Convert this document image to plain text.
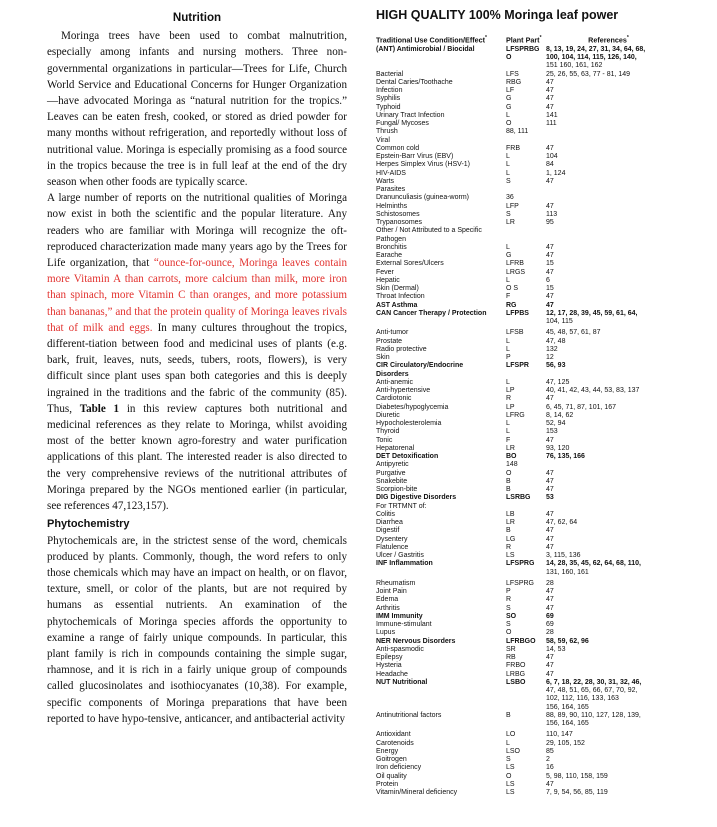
Nutrition

Moringa trees have been used to combat malnutrition, especially among infants and nursing mothers. Three non-governmental organizations in particular—Trees for Life, Church World Service and Educational Concerns for Hunger Organization—have advocated Moringa as “natural nutrition for the tropics.” Leaves can be eaten fresh, cooked, or stored as dried powder for many months without refrigeration, and reportedly without loss of nutritional value. Moringa is especially promising as a food source in the tropics because the tree is in full leaf at the end of the dry season when other foods are typically scarce.

A large number of reports on the nutritional qualities of Moringa now exist in both the scientific and the popular literature. Any readers who are familiar with Moringa will recognize the oft-reproduced characterization made many years ago by the Trees for Life organization, that “ounce-for-ounce, Moringa leaves contain more Vitamin A than carrots, more calcium than milk, more iron than spinach, more Vitamin C than oranges, and more potassium than bananas,” and that the protein quality of Moringa leaves rivals that of milk and eggs. In many cultures throughout the tropics, different-tiation between food and medicinal uses of plants (e.g. bark, fruit, leaves, nuts, seeds, tubers, roots, flowers), is very difficult since plant uses span both categories and this is deeply ingrained in the traditions and the fabric of the community (85). Thus, Table 1 in this review captures both nutritional and medicinal references as they relate to Moringa, whilst avoiding most of the better known agro-forestry and water purification applications of this plant. The interested reader is also directed to the very comprehensive reviews of the nutritional attributes of Moringa prepared by the NGOs mentioned earlier (in particular, see references 47,123,157).

Phytochemistry

Phytochemicals are, in the strictest sense of the word, chemicals produced by plants. Commonly, though, the word refers to only those chemicals which may have an impact on health, or on flavor, texture, smell, or color of the plants, but are not required by humans as essential nutrients. An examination of the phytochemicals of Moringa species affords the opportunity to examine a range of fairly unique compounds. In particular, this plant family is rich in compounds containing the simple sugar, rhamnose, and it is rich in a fairly unique group of compounds called glucosinolates and isothiocyanates (10,38). For example, specific components of Moringa preparations that have been reported to have hypo-tensive, anticancer, and antibacterial activity

HIGH QUALITY 100% Moringa leaf power
Traditional Use Condition/Effect*	Plant Part*	References*
(ANT) Antimicrobial / Biocidal	LFSPRBG 8, 13, 19, 24, 27, 31, 34, 64, 68,
O	100, 104, 114, 115, 126, 140,
151 160, 161, 162
Bacterial	LFS	25, 26, 55, 63, 77 - 81, 149
Dental Caries/Toothache	RBG	47
Infection	LF	47
Syphilis	G	47
Typhoid	G	47
Urinary Tract Infection	L	141
Fungal/ Mycoses	O	111
Thrush	88, 111
Viral
Common cold	FRB	47
Epstein-Barr Virus (EBV)	L	104
Herpes Simplex Virus (HSV-1)	L	84
HIV-AIDS	L	1, 124
Warts	S	47
Parasites
Dranunculiasis (guinea-worm)	36
Helminths	LFP	47
Schistosomes	S	113
Trypanosomes	LR	95
Other / Not Attributed to a Specific
Pathogen
Bronchitis	L	47
Earache	G	47
External Sores/Ulcers	LFRB	15
Fever	LRGS	47
Hepatic	L	6
Skin (Dermal)	O S	15
Throat Infection	F	47
AST Asthma	RG	47
CAN Cancer Therapy / Protection	LFPBS	12, 17, 28, 39, 45, 59, 61, 64,
104, 115
Anti-tumor	LFSB	45, 48, 57, 61, 87
Prostate	L	47, 48
Radio protective	L	132
Skin	P	12
CIR Circulatory/Endocrine	LFSPR	56, 93
Disorders
Anti-anemic	L	47, 125
Anti-hypertensive	LP	40, 41, 42, 43, 44, 53, 83, 137
Cardiotonic	R	47
Diabetes/hypoglycemia	LP	6, 45, 71, 87, 101, 167
Diuretic	LFRG	8, 14, 62
Hypocholesterolemia	L	52, 94
Thyroid	L	153
Tonic	F	47
Hepatorenal	LR	93, 120
DET Detoxification	BO	76, 135, 166
Antipyretic	148
Purgative	O	47
Snakebite	B	47
Scorpion-bite	B	47
DIG Digestive Disorders	LSRBG	53
For TRTMNT of:
Colitis	LB	47
Diarrhea	LR	47, 62, 64
Digestif	B	47
Dysentery	LG	47
Flatulence	R	47
Ulcer / Gastritis	LS	3, 115, 136
INF Inflammation	LFSPRG	14, 28, 35, 45, 62, 64, 68, 110,
131, 160, 161
Rheumatism	LFSPRG	28
Joint Pain	P	47
Edema	R	47
Arthritis	S	47
IMM Immunity	SO	69
Immune-stimulant	S	69
Lupus	O	28
NER Nervous Disorders	LFRBGO	58, 59, 62, 96
Anti-spasmodic	SR	14, 53
Epilepsy	RB	47
Hysteria	FRBO	47
Headache	LRBG	47
NUT Nutritional	LSBO	6, 7, 18, 22, 28, 30, 31, 32, 46,
47, 48, 51, 65, 66, 67, 70, 92,
102, 112, 116, 133, 163
156, 164, 165
Antinutritional factors	B	88, 89, 90, 110, 127, 128, 139,
156, 164, 165
Antioxidant	LO	110, 147
Carotenoids	L	29, 105, 152
Energy	LSO	85
Goitrogen	S	2
Iron deficiency	LS	16
Oil quality	O	5, 98, 110, 158, 159
Protein	LS	47
Vitamin/Mineral deficiency	LS	7, 9, 54, 56, 85, 119
